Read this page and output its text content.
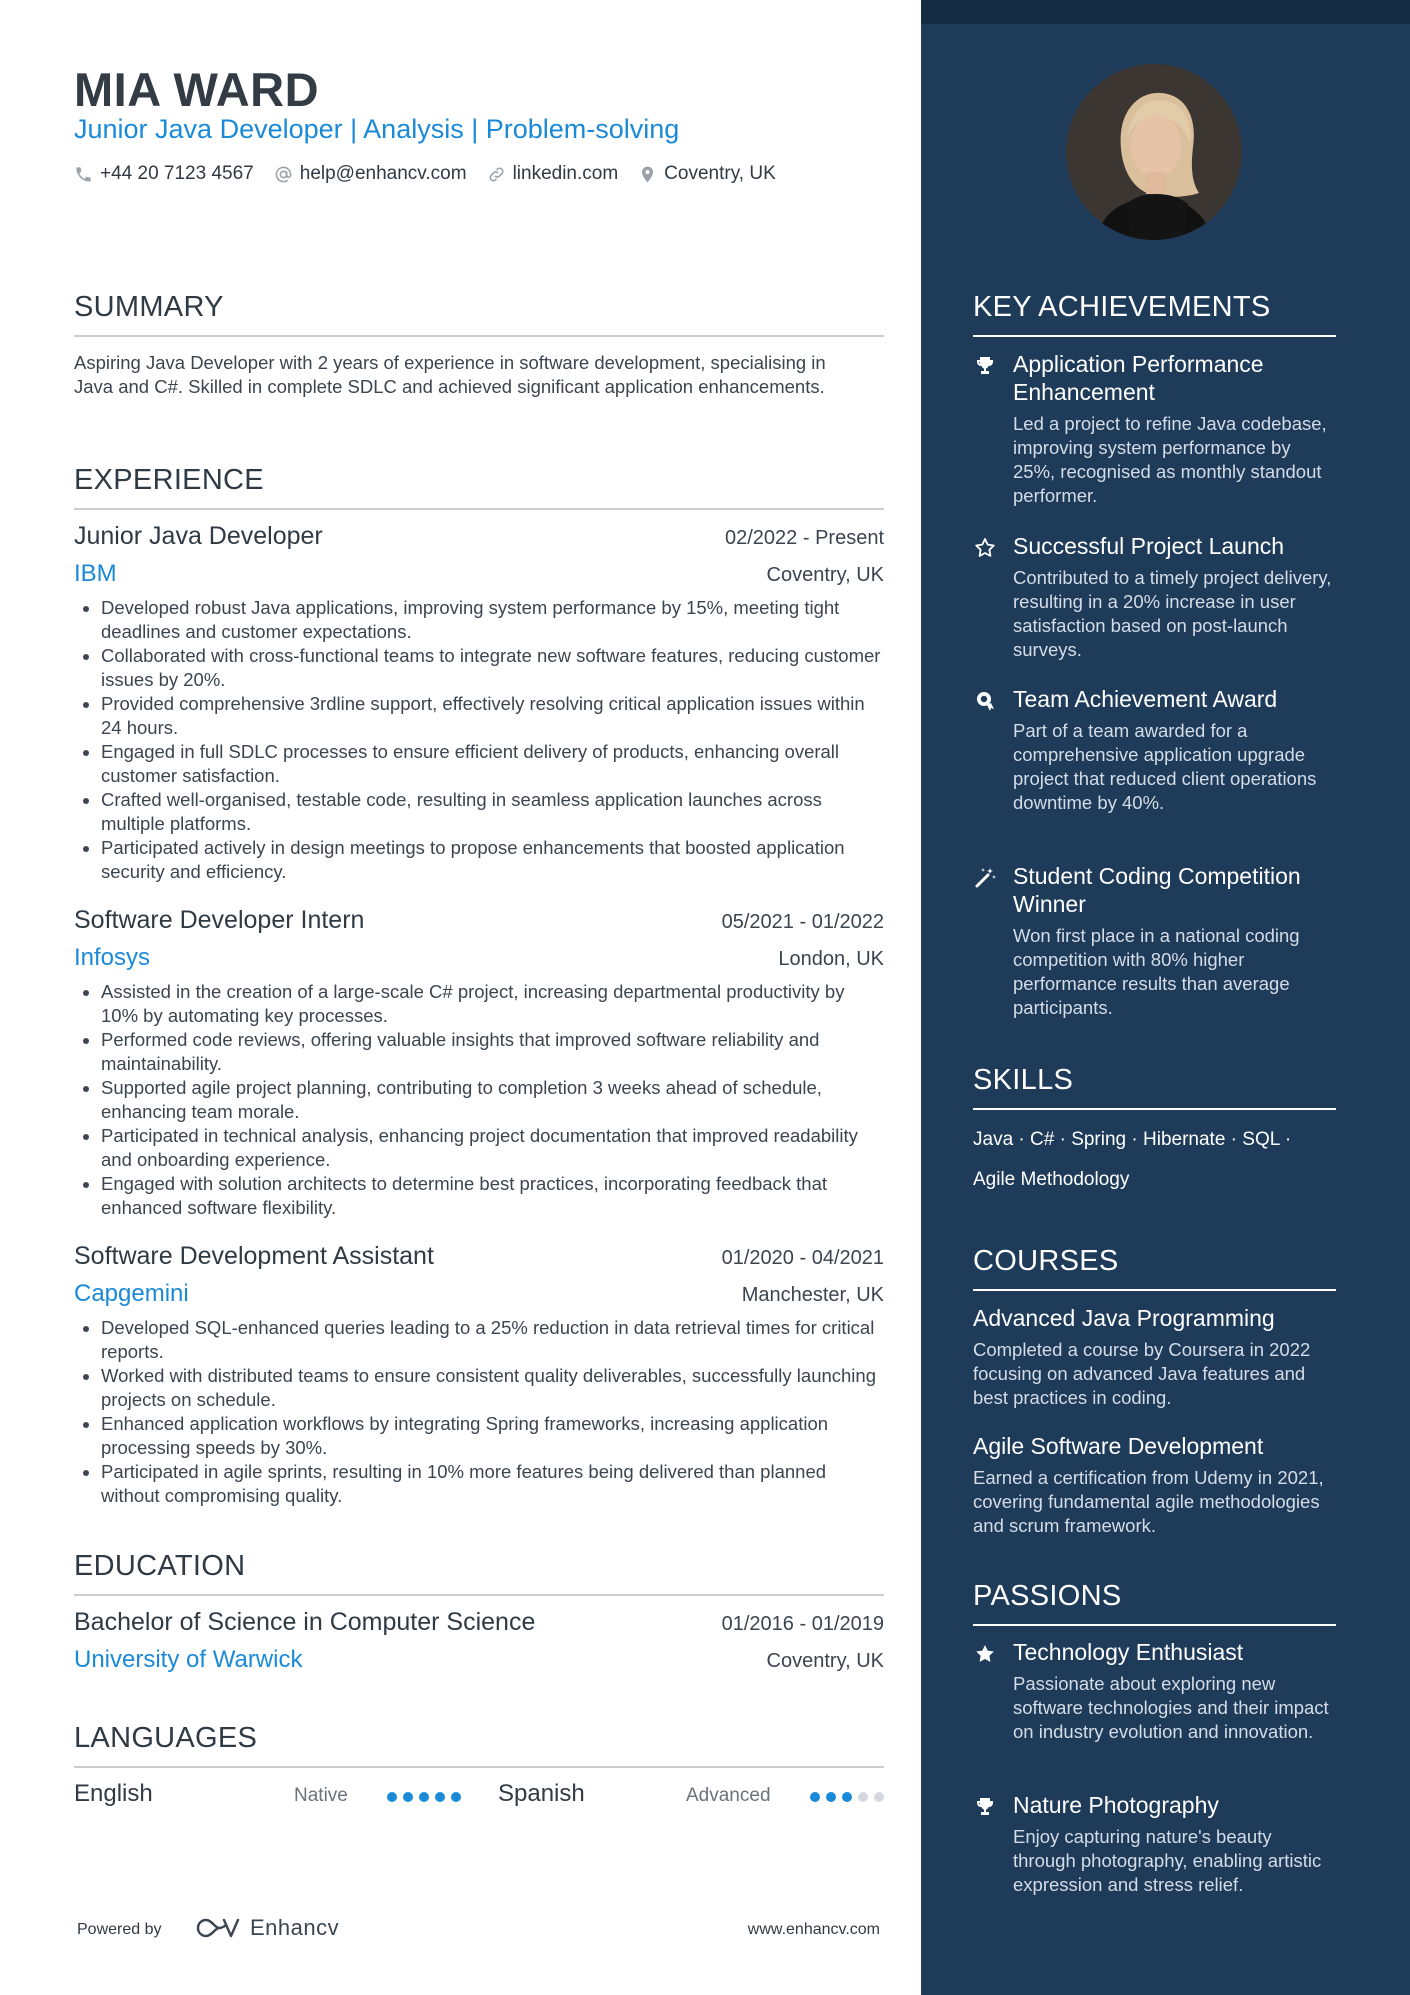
MIA WARD
Junior Java Developer | Analysis | Problem-solving
+44 20 7123 4567 help@enhancv.com linkedin.com Coventry, UK
SUMMARY
Aspiring Java Developer with 2 years of experience in software development, specialising in Java and C#. Skilled in complete SDLC and achieved significant application enhancements.
EXPERIENCE
Junior Java Developer	02/2022 - Present
IBM	Coventry, UK
Developed robust Java applications, improving system performance by 15%, meeting tight deadlines and customer expectations.
Collaborated with cross-functional teams to integrate new software features, reducing customer issues by 20%.
Provided comprehensive 3rdline support, effectively resolving critical application issues within 24 hours.
Engaged in full SDLC processes to ensure efficient delivery of products, enhancing overall customer satisfaction.
Crafted well-organised, testable code, resulting in seamless application launches across multiple platforms.
Participated actively in design meetings to propose enhancements that boosted application security and efficiency.
Software Developer Intern	05/2021 - 01/2022
Infosys	London, UK
Assisted in the creation of a large-scale C# project, increasing departmental productivity by 10% by automating key processes.
Performed code reviews, offering valuable insights that improved software reliability and maintainability.
Supported agile project planning, contributing to completion 3 weeks ahead of schedule, enhancing team morale.
Participated in technical analysis, enhancing project documentation that improved readability and onboarding experience.
Engaged with solution architects to determine best practices, incorporating feedback that enhanced software flexibility.
Software Development Assistant	01/2020 - 04/2021
Capgemini	Manchester, UK
Developed SQL-enhanced queries leading to a 25% reduction in data retrieval times for critical reports.
Worked with distributed teams to ensure consistent quality deliverables, successfully launching projects on schedule.
Enhanced application workflows by integrating Spring frameworks, increasing application processing speeds by 30%.
Participated in agile sprints, resulting in 10% more features being delivered than planned without compromising quality.
EDUCATION
Bachelor of Science in Computer Science	01/2016 - 01/2019
University of Warwick	Coventry, UK
LANGUAGES
English	Native	Spanish	Advanced
Powered by	Enhancv	www.enhancv.com
KEY ACHIEVEMENTS
Application Performance Enhancement
Led a project to refine Java codebase, improving system performance by 25%, recognised as monthly standout performer.
Successful Project Launch
Contributed to a timely project delivery, resulting in a 20% increase in user satisfaction based on post-launch surveys.
Team Achievement Award
Part of a team awarded for a comprehensive application upgrade project that reduced client operations downtime by 40%.
Student Coding Competition Winner
Won first place in a national coding competition with 80% higher performance results than average participants.
SKILLS
Java · C# · Spring · Hibernate · SQL ·
Agile Methodology
COURSES
Advanced Java Programming
Completed a course by Coursera in 2022 focusing on advanced Java features and best practices in coding.
Agile Software Development
Earned a certification from Udemy in 2021, covering fundamental agile methodologies and scrum framework.
PASSIONS
Technology Enthusiast
Passionate about exploring new software technologies and their impact on industry evolution and innovation.
Nature Photography
Enjoy capturing nature's beauty through photography, enabling artistic expression and stress relief.
